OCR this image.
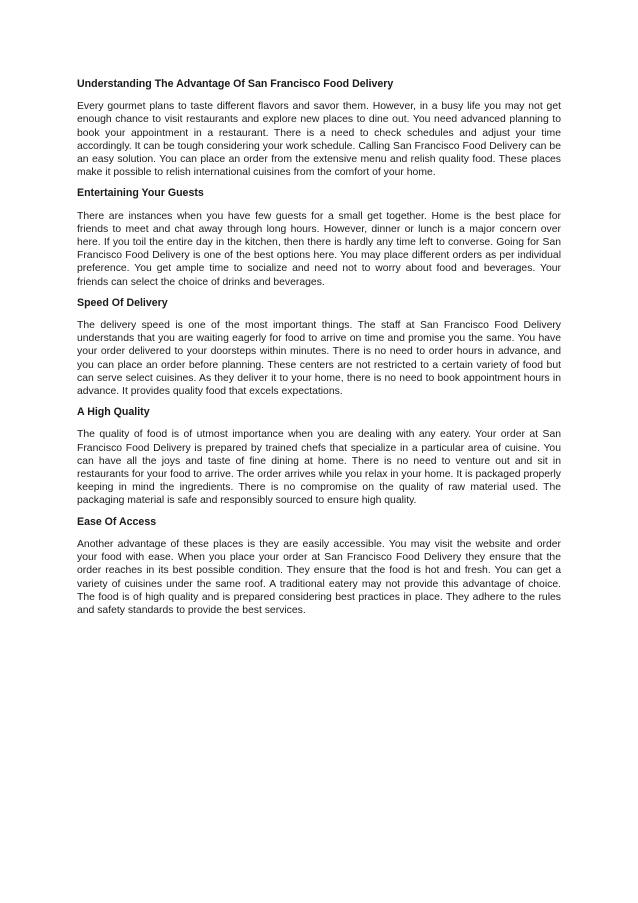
Understanding The Advantage Of San Francisco Food Delivery

Every gourmet plans to taste different flavors and savor them. However, in a busy life you may not get enough chance to visit restaurants and explore new places to dine out. You need advanced planning to book your appointment in a restaurant. There is a need to check schedules and adjust your time accordingly. It can be tough considering your work schedule. Calling San Francisco Food Delivery can be an easy solution. You can place an order from the extensive menu and relish quality food. These places make it possible to relish international cuisines from the comfort of your home.

Entertaining Your Guests

There are instances when you have few guests for a small get together. Home is the best place for friends to meet and chat away through long hours. However, dinner or lunch is a major concern over here. If you toil the entire day in the kitchen, then there is hardly any time left to converse. Going for San Francisco Food Delivery is one of the best options here. You may place different orders as per individual preference. You get ample time to socialize and need not to worry about food and beverages. Your friends can select the choice of drinks and beverages.

Speed Of Delivery

The delivery speed is one of the most important things. The staff at San Francisco Food Delivery understands that you are waiting eagerly for food to arrive on time and promise you the same. You have your order delivered to your doorsteps within minutes. There is no need to order hours in advance, and you can place an order before planning. These centers are not restricted to a certain variety of food but can serve select cuisines. As they deliver it to your home, there is no need to book appointment hours in advance. It provides quality food that excels expectations.

A High Quality

The quality of food is of utmost importance when you are dealing with any eatery. Your order at San Francisco Food Delivery is prepared by trained chefs that specialize in a particular area of cuisine. You can have all the joys and taste of fine dining at home. There is no need to venture out and sit in restaurants for your food to arrive. The order arrives while you relax in your home. It is packaged properly keeping in mind the ingredients. There is no compromise on the quality of raw material used. The packaging material is safe and responsibly sourced to ensure high quality.

Ease Of Access

Another advantage of these places is they are easily accessible. You may visit the website and order your food with ease. When you place your order at San Francisco Food Delivery they ensure that the order reaches in its best possible condition. They ensure that the food is hot and fresh. You can get a variety of cuisines under the same roof. A traditional eatery may not provide this advantage of choice. The food is of high quality and is prepared considering best practices in place. They adhere to the rules and safety standards to provide the best services.
